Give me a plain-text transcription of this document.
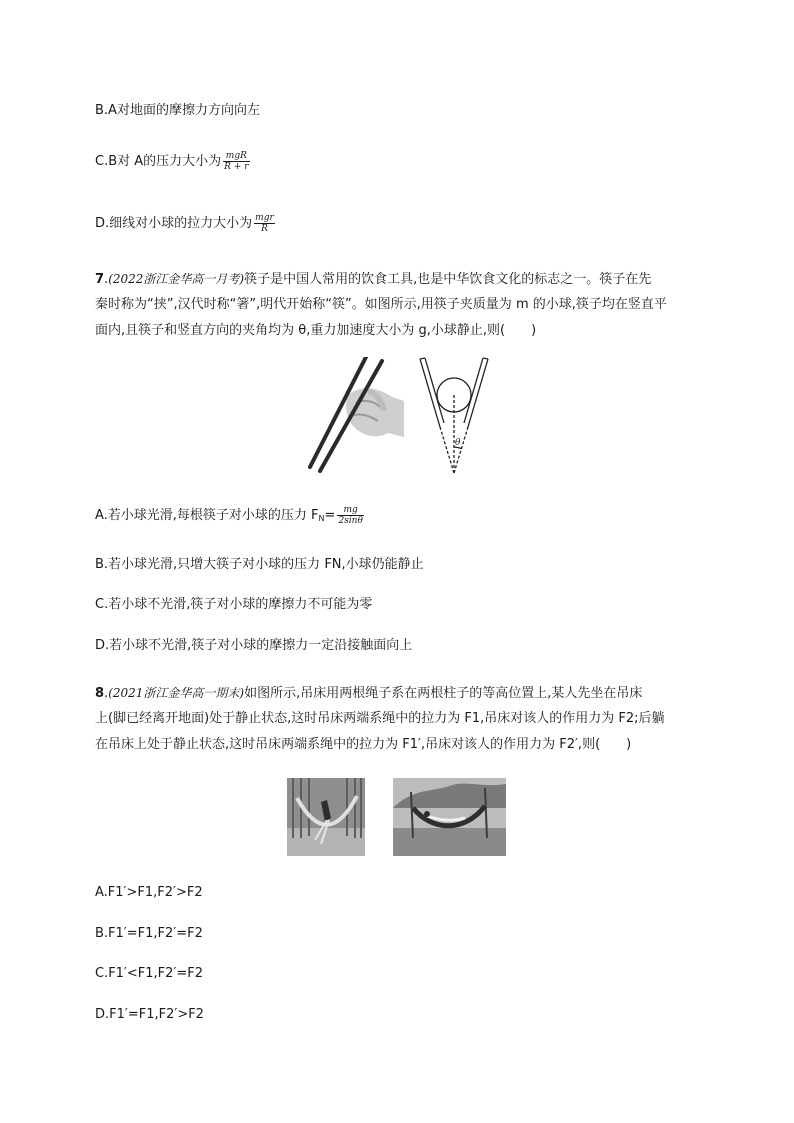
B.A对地面的摩擦力方向向左
C.B对 A的压力大小为 $\frac{\text{mgR}}{R + r}$
D.细线对小球的拉力大小为 $\frac{\text{mgr}}{R}$
7.(2022浙江金华高一月考)筷子是中国人常用的饮食工具,也是中华饮食文化的标志之一。筷子在先
秦时称为“挟”,汉代时称“箸”,明代开始称“筷”。如图所示,用筷子夹质量为 m 的小球,筷子均在竖直平
面内,且筷子和竖直方向的夹角均为 θ,重力加速度大小为 g,小球静止,则(　　)
θ
A.若小球光滑,每根筷子对小球的压力 $F_N= \frac{mg}{2\sin\theta}$
B.若小球光滑,只增大筷子对小球的压力 FN,小球仍能静止
C.若小球不光滑,筷子对小球的摩擦力不可能为零
D.若小球不光滑,筷子对小球的摩擦力一定沿接触面向上
8.(2021浙江金华高一期末)如图所示,吊床用两根绳子系在两根柱子的等高位置上,某人先坐在吊床
上(脚已经离开地面)处于静止状态,这时吊床两端系绳中的拉力为 F1,吊床对该人的作用力为 F2;后躺
在吊床上处于静止状态,这时吊床两端系绳中的拉力为 F1′,吊床对该人的作用力为 F2′,则(　　)
A.F1′>F1,F2′>F2
B.F1′=F1,F2′=F2
C.F1′<F1,F2′=F2
D.F1′=F1,F2′>F2
